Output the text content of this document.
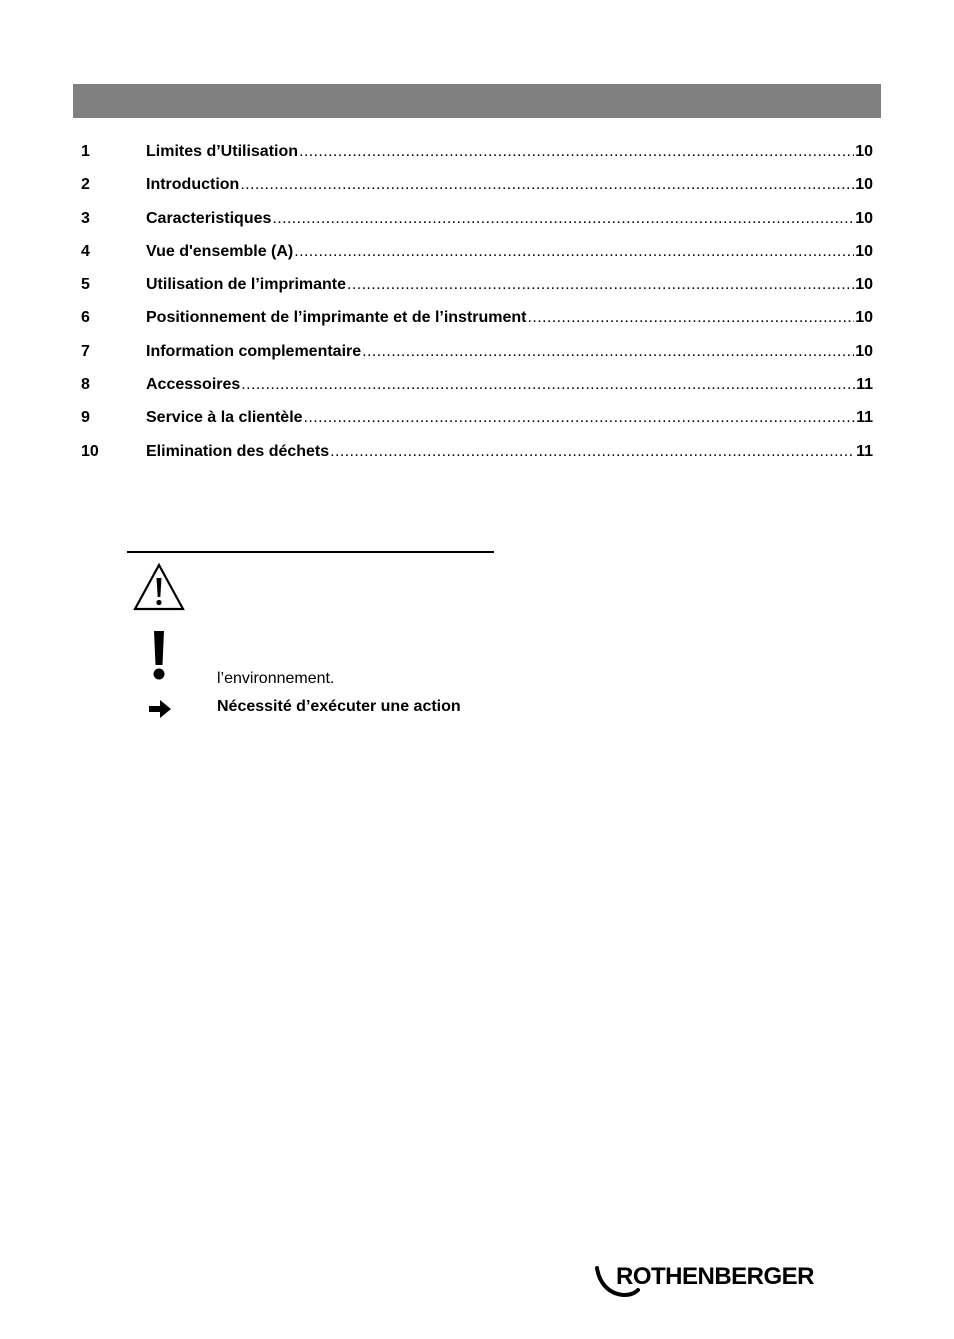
1	Limites d’Utilisation .....	10
2	Introduction .....	10
3	Caracteristiques .....	10
4	Vue d'ensemble (A) .....	10
5	Utilisation de l’imprimante .....	10
6	Positionnement de l’imprimante et de l’instrument .....	10
7	Information complementaire .....	10
8	Accessoires .....	11
9	Service à la clientèle .....	11
10	Elimination des déchets .....	11
l’environnement.
Nécessité d’exécuter une action
ROTHENBERGER
